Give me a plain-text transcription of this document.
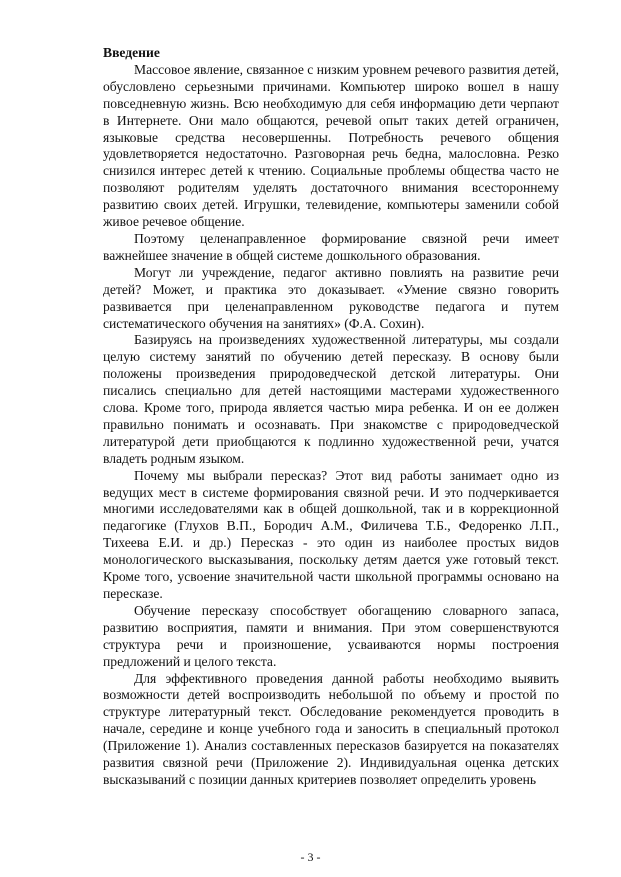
Введение

Массовое явление, связанное с низким уровнем речевого развития детей, обусловлено серьезными причинами. Компьютер широко вошел в нашу повседневную жизнь. Всю необходимую для себя информацию дети черпают в Интернете. Они мало общаются, речевой опыт таких детей ограничен, языковые средства несовершенны. Потребность речевого общения удовлетворяется недостаточно. Разговорная речь бедна, малословна. Резко снизился интерес детей к чтению. Социальные проблемы общества часто не позволяют родителям уделять достаточного внимания всестороннему развитию своих детей. Игрушки, телевидение, компьютеры заменили собой живое речевое общение.

Поэтому целенаправленное формирование связной речи имеет важнейшее значение в общей системе дошкольного образования.

Могут ли учреждение, педагог активно повлиять на развитие речи детей? Может, и практика это доказывает. «Умение связно говорить развивается при целенаправленном руководстве педагога и путем систематического обучения на занятиях» (Ф.А. Сохин).

Базируясь на произведениях художественной литературы, мы создали целую систему занятий по обучению детей пересказу. В основу были положены произведения природоведческой детской литературы. Они писались специально для детей настоящими мастерами художественного слова. Кроме того, природа является частью мира ребенка. И он ее должен правильно понимать и осознавать. При знакомстве с природоведческой литературой дети приобщаются к подлинно художественной речи, учатся владеть родным языком.

Почему мы выбрали пересказ? Этот вид работы занимает одно из ведущих мест в системе формирования связной речи. И это подчеркивается многими исследователями как в общей дошкольной, так и в коррекционной педагогике (Глухов В.П., Бородич А.М., Филичева Т.Б., Федоренко Л.П., Тихеева Е.И. и др.) Пересказ - это один из наиболее простых видов монологического высказывания, поскольку детям дается уже готовый текст. Кроме того, усвоение значительной части школьной программы основано на пересказе.

Обучение пересказу способствует обогащению словарного запаса, развитию восприятия, памяти и внимания. При этом совершенствуются структура речи и произношение, усваиваются нормы построения предложений и целого текста.

Для эффективного проведения данной работы необходимо выявить возможности детей воспроизводить небольшой по объему и простой по структуре литературный текст. Обследование рекомендуется проводить в начале, середине и конце учебного года и заносить в специальный протокол (Приложение 1). Анализ составленных пересказов базируется на показателях развития связной речи (Приложение 2). Индивидуальная оценка детских высказываний с позиции данных критериев позволяет определить уровень

- 3 -
